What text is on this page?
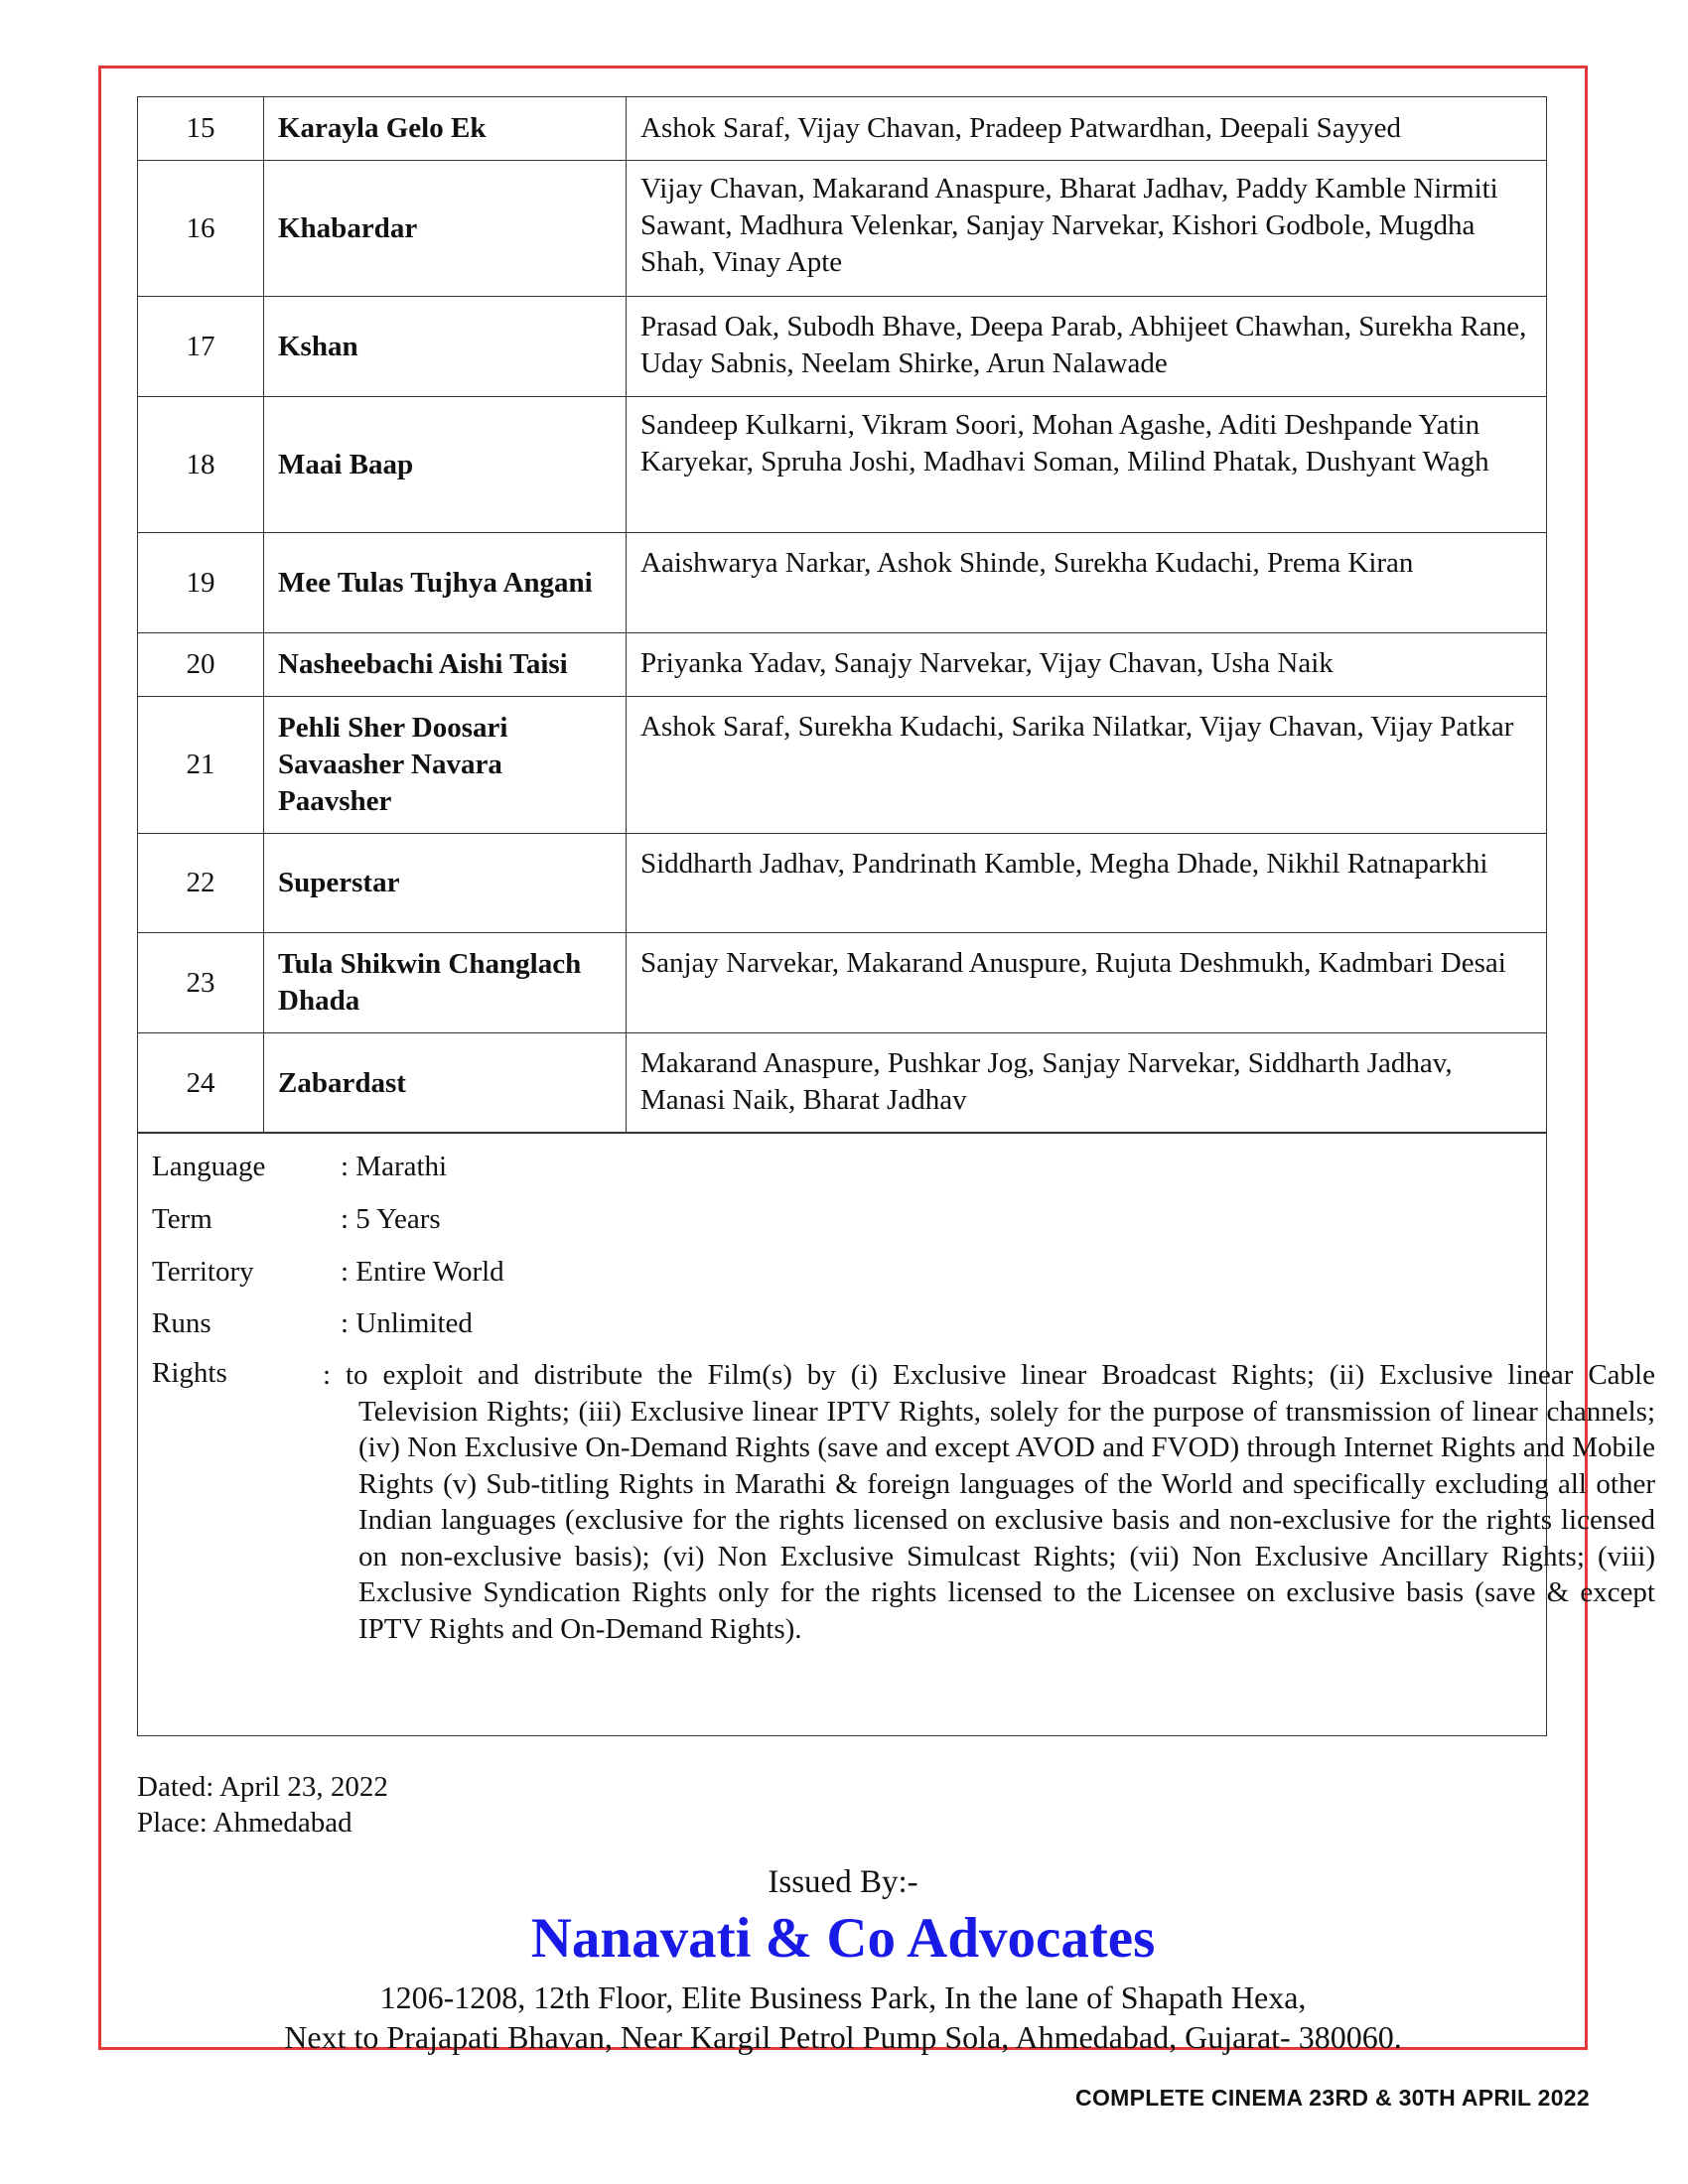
15	Karayla Gelo Ek	Ashok Saraf, Vijay Chavan, Pradeep Patwardhan, Deepali Sayyed
16	Khabardar	Vijay Chavan, Makarand Anaspure, Bharat Jadhav, Paddy Kamble Nirmiti Sawant, Madhura Velenkar, Sanjay Narvekar, Kishori Godbole, Mugdha Shah, Vinay Apte
17	Kshan	Prasad Oak, Subodh Bhave, Deepa Parab, Abhijeet Chawhan, Surekha Rane, Uday Sabnis, Neelam Shirke, Arun Nalawade
18	Maai Baap	Sandeep Kulkarni, Vikram Soori, Mohan Agashe, Aditi Deshpande Yatin Karyekar, Spruha Joshi, Madhavi Soman, Milind Phatak, Dushyant Wagh
19	Mee Tulas Tujhya Angani	Aaishwarya Narkar, Ashok Shinde, Surekha Kudachi, Prema Kiran
20	Nasheebachi Aishi Taisi	Priyanka Yadav, Sanajy Narvekar, Vijay Chavan, Usha Naik
21	Pehli Sher Doosari Savaasher Navara Paavsher	Ashok Saraf, Surekha Kudachi, Sarika Nilatkar, Vijay Chavan, Vijay Patkar
22	Superstar	Siddharth Jadhav, Pandrinath Kamble, Megha Dhade, Nikhil Ratnaparkhi
23	Tula Shikwin Changlach Dhada	Sanjay Narvekar, Makarand Anuspure, Rujuta Deshmukh, Kadmbari Desai
24	Zabardast	Makarand Anaspure, Pushkar Jog, Sanjay Narvekar, Siddharth Jadhav, Manasi Naik, Bharat Jadhav
Language	: Marathi
Term	: 5 Years
Territory	: Entire World
Runs	: Unlimited
Rights	: to exploit and distribute the Film(s) by (i) Exclusive linear Broadcast Rights; (ii) Exclusive linear Cable Television Rights; (iii) Exclusive linear IPTV Rights, solely for the purpose of transmission of linear channels; (iv) Non Exclusive On-Demand Rights (save and except AVOD and FVOD) through Internet Rights and Mobile Rights (v) Sub-titling Rights in Marathi & foreign languages of the World and specifically excluding all other Indian languages (exclusive for the rights licensed on exclusive basis and non-exclusive for the rights licensed on non-exclusive basis); (vi) Non Exclusive Simulcast Rights; (vii) Non Exclusive Ancillary Rights; (viii) Exclusive Syndication Rights only for the rights licensed to the Licensee on exclusive basis (save & except IPTV Rights and On-Demand Rights).
Dated: April 23, 2022
Place: Ahmedabad
Issued By:-
Nanavati & Co Advocates
1206-1208, 12th Floor, Elite Business Park, In the lane of Shapath Hexa,
Next to Prajapati Bhavan, Near Kargil Petrol Pump Sola, Ahmedabad, Gujarat- 380060.
COMPLETE CINEMA 23RD & 30TH APRIL 2022
